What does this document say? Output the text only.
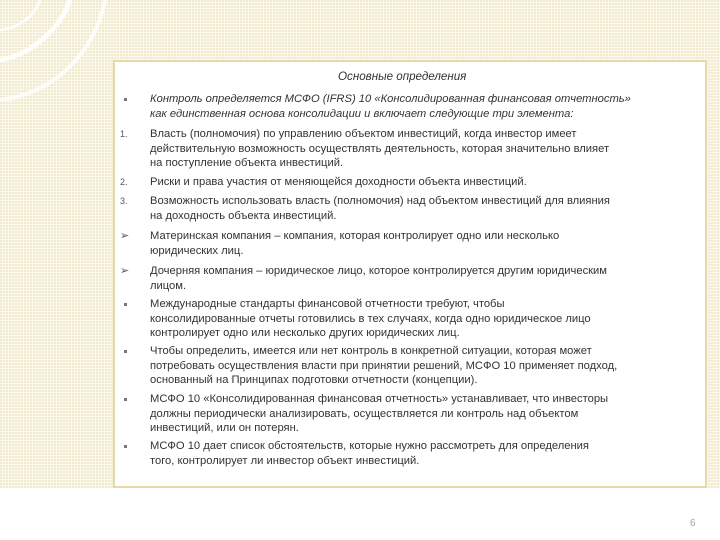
Основные определения
Контроль определяется МСФО (IFRS) 10 «Консолидированная финансовая отчетность»
как единственная основа консолидации и включает следующие три элемента:
1.	Власть (полномочия) по управлению объектом инвестиций, когда инвестор имеет
действительную возможность осуществлять деятельность, которая значительно влияет
на поступление объекта инвестиций.
2.	Риски и права участия от меняющейся доходности объекта инвестиций.
3.	Возможность использовать власть (полномочия) над объектом инвестиций для влияния
на доходность объекта инвестиций.
➢	Материнская компания – компания, которая контролирует одно или несколько
юридических лиц.
➢	Дочерняя компания – юридическое лицо, которое контролируется другим юридическим
лицом.
Международные стандарты финансовой отчетности требуют, чтобы
консолидированные отчеты готовились в тех случаях, когда одно юридическое лицо
контролирует одно или несколько других юридических лиц.
Чтобы определить, имеется или нет контроль в конкретной ситуации, которая может
потребовать осуществления власти при принятии решений, МСФО 10 применяет подход,
основанный на Принципах подготовки отчетности (концепции).
МСФО 10 «Консолидированная финансовая отчетность» устанавливает, что инвесторы
должны периодически анализировать, осуществляется ли контроль над объектом
инвестиций, или он потерян.
МСФО 10 дает список обстоятельств, которые нужно рассмотреть для определения
того, контролирует ли инвестор объект инвестиций.
6
